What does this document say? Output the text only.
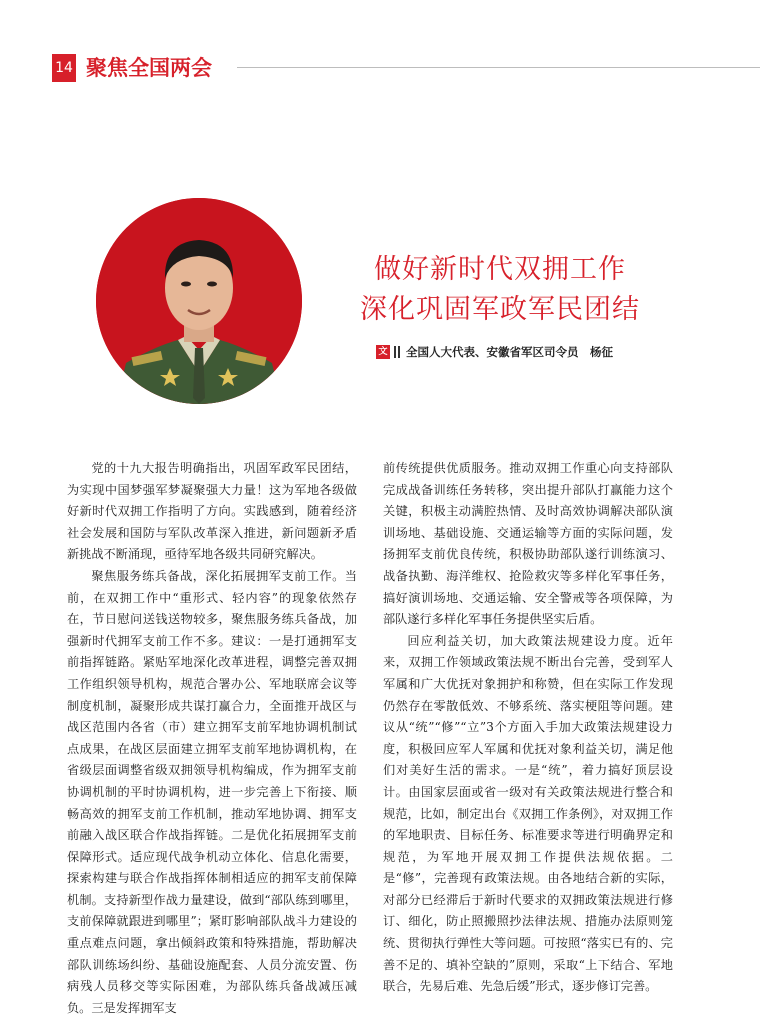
14 聚焦全国两会
做好新时代双拥工作
深化巩固军政军民团结
文 全国人大代表、安徽省军区司令员　杨征

党的十九大报告明确指出，巩固军政军民团结，为实现中国梦强军梦凝聚强大力量！这为军地各级做好新时代双拥工作指明了方向。实践感到，随着经济社会发展和国防与军队改革深入推进，新问题新矛盾新挑战不断涌现，亟待军地各级共同研究解决。

聚焦服务练兵备战，深化拓展拥军支前工作。当前，在双拥工作中“重形式、轻内容”的现象依然存在，节日慰问送钱送物较多，聚焦服务练兵备战，加强新时代拥军支前工作不多。建议：一是打通拥军支前指挥链路。紧贴军地深化改革进程，调整完善双拥工作组织领导机构，规范合署办公、军地联席会议等制度机制，凝聚形成共谋打赢合力，全面推开战区与战区范围内各省（市）建立拥军支前军地协调机制试点成果，在战区层面建立拥军支前军地协调机构，在省级层面调整省级双拥领导机构编成，作为拥军支前协调机制的平时协调机构，进一步完善上下衔接、顺畅高效的拥军支前工作机制，推动军地协调、拥军支前融入战区联合作战指挥链。二是优化拓展拥军支前保障形式。适应现代战争机动立体化、信息化需要，探索构建与联合作战指挥体制相适应的拥军支前保障机制。支持新型作战力量建设，做到“部队练到哪里，支前保障就跟进到哪里”；紧盯影响部队战斗力建设的重点难点问题，拿出倾斜政策和特殊措施，帮助解决部队训练场纠纷、基础设施配套、人员分流安置、伤病残人员移交等实际困难，为部队练兵备战减压减负。三是发挥拥军支

前传统提供优质服务。推动双拥工作重心向支持部队完成战备训练任务转移，突出提升部队打赢能力这个关键，积极主动满腔热情、及时高效协调解决部队演训场地、基础设施、交通运输等方面的实际问题，发扬拥军支前优良传统，积极协助部队遂行训练演习、战备执勤、海洋维权、抢险救灾等多样化军事任务，搞好演训场地、交通运输、安全警戒等各项保障，为部队遂行多样化军事任务提供坚实后盾。

回应利益关切，加大政策法规建设力度。近年来，双拥工作领域政策法规不断出台完善，受到军人军属和广大优抚对象拥护和称赞，但在实际工作发现仍然存在零散低效、不够系统、落实梗阻等问题。建议从“统”“修”“立”3个方面入手加大政策法规建设力度，积极回应军人军属和优抚对象利益关切，满足他们对美好生活的需求。一是“统”，着力搞好顶层设计。由国家层面或省一级对有关政策法规进行整合和规范，比如，制定出台《双拥工作条例》，对双拥工作的军地职责、目标任务、标准要求等进行明确界定和规范，为军地开展双拥工作提供法规依据。二是“修”，完善现有政策法规。由各地结合新的实际，对部分已经滞后于新时代要求的双拥政策法规进行修订、细化，防止照搬照抄法律法规、措施办法原则笼统、贯彻执行弹性大等问题。可按照“落实已有的、完善不足的、填补空缺的”原则，采取“上下结合、军地联合，先易后难、先急后缓”形式，逐步修订完善。
